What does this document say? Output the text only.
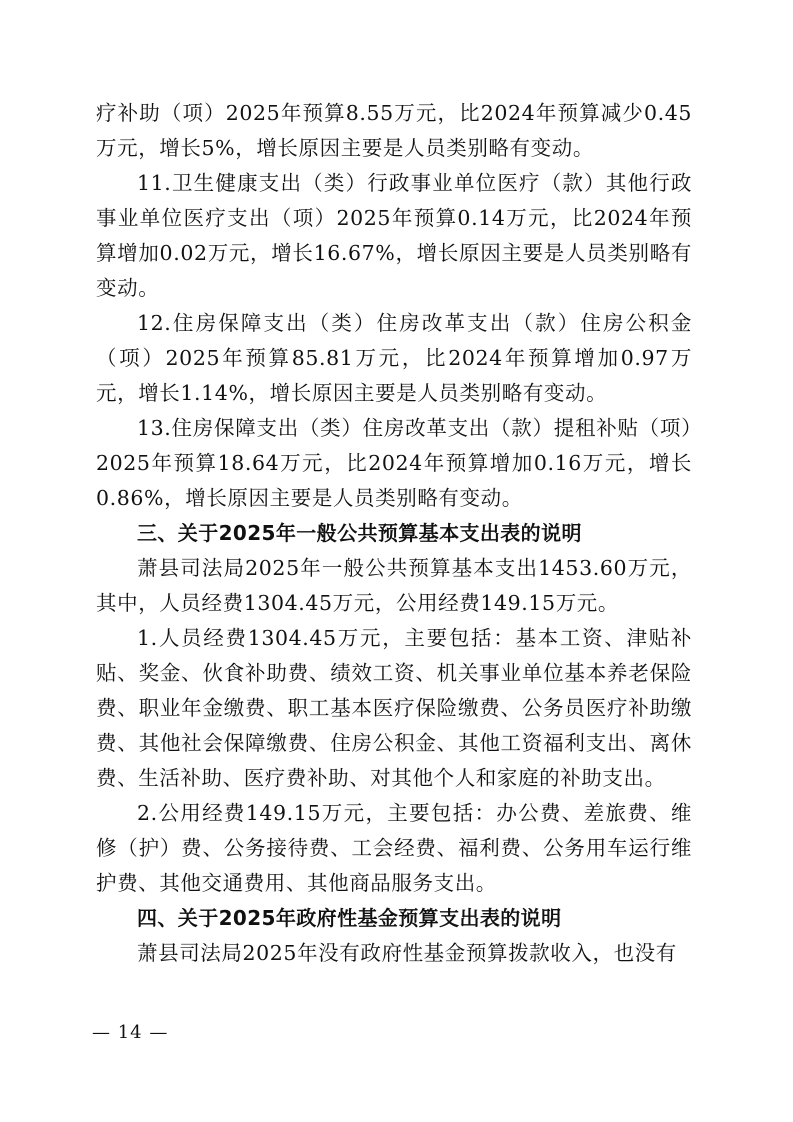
疗补助（项）2025年预算8.55万元，比2024年预算减少0.45万元，增长5%，增长原因主要是人员类别略有变动。

11.卫生健康支出（类）行政事业单位医疗（款）其他行政事业单位医疗支出（项）2025年预算0.14万元，比2024年预算增加0.02万元，增长16.67%，增长原因主要是人员类别略有变动。

12.住房保障支出（类）住房改革支出（款）住房公积金（项）2025年预算85.81万元，比2024年预算增加0.97万元，增长1.14%，增长原因主要是人员类别略有变动。

13.住房保障支出（类）住房改革支出（款）提租补贴（项）2025年预算18.64万元，比2024年预算增加0.16万元，增长0.86%，增长原因主要是人员类别略有变动。

三、关于2025年一般公共预算基本支出表的说明

萧县司法局2025年一般公共预算基本支出1453.60万元，其中，人员经费1304.45万元，公用经费149.15万元。

1.人员经费1304.45万元，主要包括：基本工资、津贴补贴、奖金、伙食补助费、绩效工资、机关事业单位基本养老保险费、职业年金缴费、职工基本医疗保险缴费、公务员医疗补助缴费、其他社会保障缴费、住房公积金、其他工资福利支出、离休费、生活补助、医疗费补助、对其他个人和家庭的补助支出。

2.公用经费149.15万元，主要包括：办公费、差旅费、维修（护）费、公务接待费、工会经费、福利费、公务用车运行维护费、其他交通费用、其他商品服务支出。

四、关于2025年政府性基金预算支出表的说明

萧县司法局2025年没有政府性基金预算拨款收入，也没有

— 14 —
